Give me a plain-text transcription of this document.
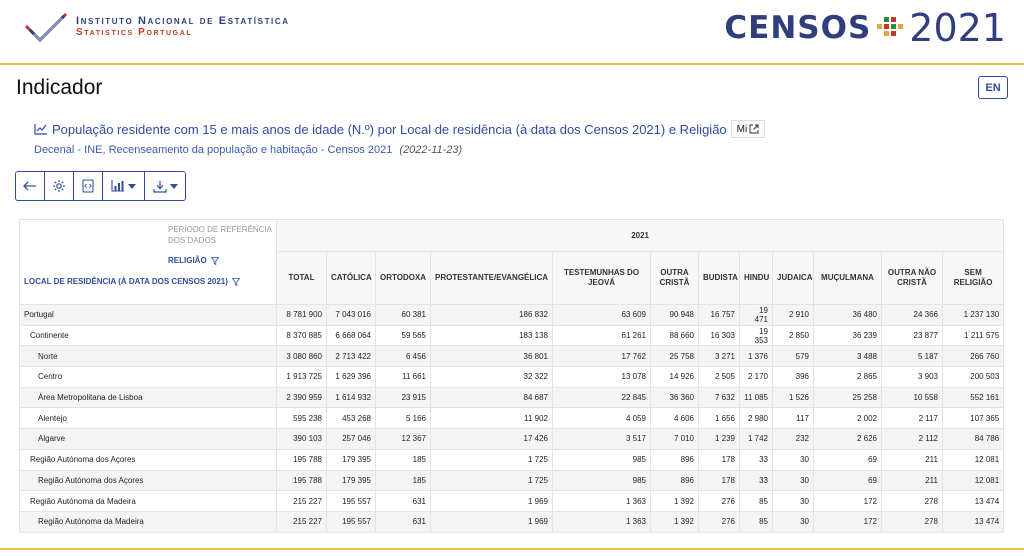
Instituto Nacional de Estatística
Statistics Portugal	CENSOS 2021
Indicador	EN
População residente com 15 e mais anos de idade (N.º) por Local de residência (à data dos Censos 2021) e Religião Mi
Decenal - INE, Recenseamento da população e habitação - Censos 2021 (2022-11-23)
PERÍODO DE REFERÊNCIA DOS DADOS
RELIGIÃO
LOCAL DE RESIDÊNCIA (À DATA DOS CENSOS 2021)	2021											
	TOTAL	CATÓLICA	ORTODOXA	PROTESTANTE/EVANGÉLICA	TESTEMUNHAS DO JEOVÁ	OUTRA CRISTÃ	BUDISTA	HINDU	JUDAICA	MUÇULMANA	OUTRA NÃO CRISTÃ	SEM RELIGIÃO
Portugal	8 781 900	7 043 016	60 381	186 832	63 609	90 948	16 757	19 471	2 910	36 480	24 366	1 237 130
Continente	8 370 885	6 668 064	59 565	183 138	61 261	88 660	16 303	19 353	2 850	36 239	23 877	1 211 575
Norte	3 080 860	2 713 422	6 456	36 801	17 762	25 758	3 271	1 376	579	3 488	5 187	266 760
Centro	1 913 725	1 629 396	11 661	32 322	13 078	14 926	2 505	2 170	396	2 865	3 903	200 503
Área Metropolitana de Lisboa	2 390 959	1 614 932	23 915	84 687	22 845	36 360	7 632	11 085	1 526	25 258	10 558	552 161
Alentejo	595 238	453 268	5 166	11 902	4 059	4 606	1 656	2 980	117	2 002	2 117	107 365
Algarve	390 103	257 046	12 367	17 426	3 517	7 010	1 239	1 742	232	2 626	2 112	84 786
Região Autónoma dos Açores	195 788	179 395	185	1 725	985	896	178	33	30	69	211	12 081
Região Autónoma dos Açores	195 788	179 395	185	1 725	985	896	178	33	30	69	211	12 081
Região Autónoma da Madeira	215 227	195 557	631	1 969	1 363	1 392	276	85	30	172	278	13 474
Região Autónoma da Madeira	215 227	195 557	631	1 969	1 363	1 392	276	85	30	172	278	13 474
